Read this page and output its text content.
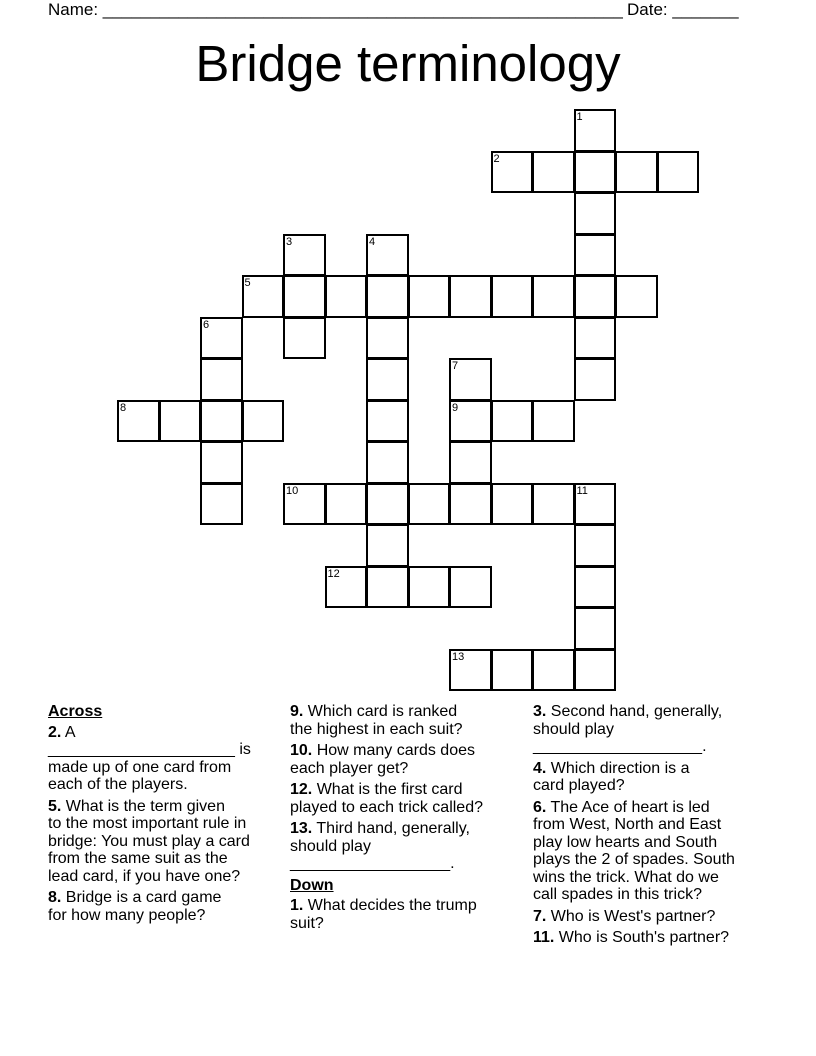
Name: _______________________________________________________ Date: _______
Bridge terminology
1
2
3	4
5
6
7
8	9
10	11
12
13
Across
2. A
_____________________ is
made up of one card from
each of the players.
5. What is the term given
to the most important rule in
bridge: You must play a card
from the same suit as the
lead card, if you have one?
8. Bridge is a card game
for how many people?
9. Which card is ranked
the highest in each suit?
10. How many cards does
each player get?
12. What is the first card
played to each trick called?
13. Third hand, generally,
should play
__________________.
Down
1. What decides the trump
suit?
3. Second hand, generally,
should play
___________________.
4. Which direction is a
card played?
6. The Ace of heart is led
from West, North and East
play low hearts and South
plays the 2 of spades. South
wins the trick. What do we
call spades in this trick?
7. Who is West's partner?
11. Who is South's partner?
